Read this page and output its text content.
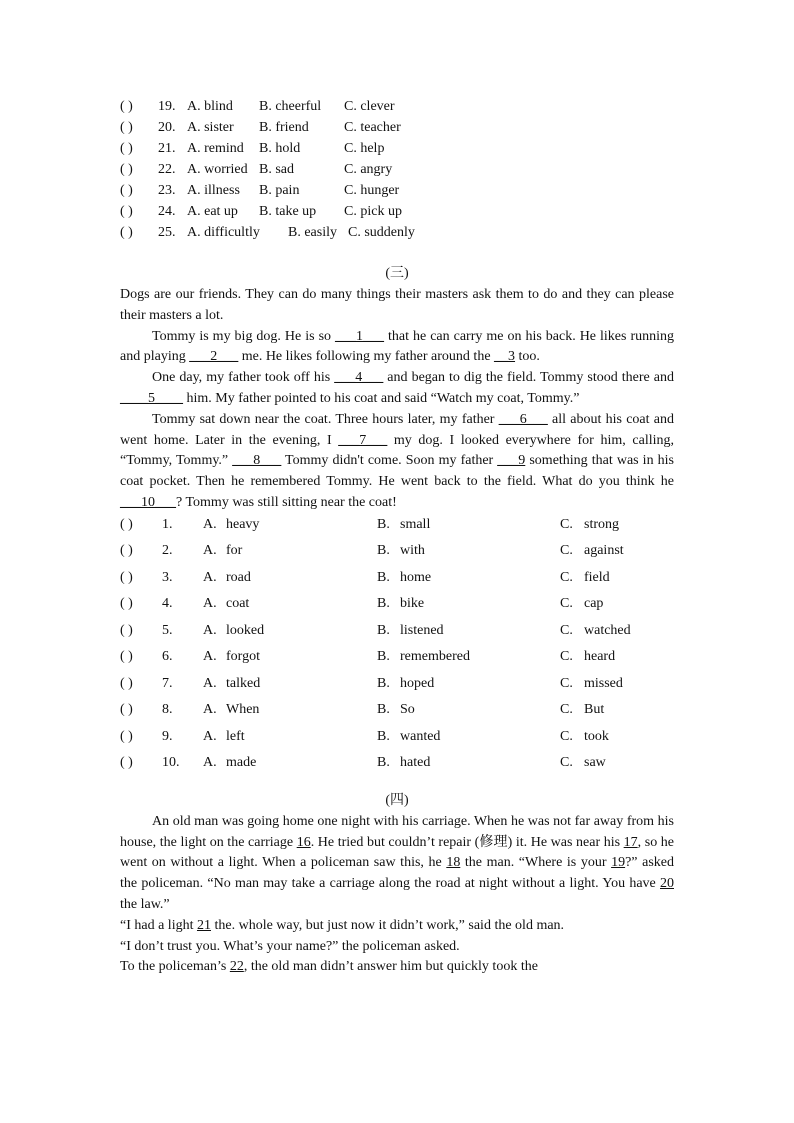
( ) 19. A. blind B. cheerful C. clever
( ) 20. A. sister B. friend	C. teacher
( ) 21. A. remind B. hold	C. help
( ) 22. A. worried B. sad	C. angry
( ) 23. A. illness B. pain	C. hunger
( ) 24. A. eat up B. take up C. pick up
( ) 25. A. difficultly B. easily C. suddenly
(三)

Dogs are our friends. They can do many things their masters ask them to do and they can please their masters a lot.

Tommy is my big dog. He is so ___1___ that he can carry me on his back. He likes running and playing ___2___ me. He likes following my father around the __3 too.

One day, my father took off his ___4___ and began to dig the field. Tommy stood there and ____5____ him. My father pointed to his coat and said “Watch my coat, Tommy.”

Tommy sat down near the coat. Three hours later, my father ___6___ all about his coat and went home. Later in the evening, I ___7___ my dog. I looked everywhere for him, calling, “Tommy, Tommy.” ___8___ Tommy didn't come. Soon my father ___9 something that was in his coat pocket. Then he remembered Tommy. He went back to the field. What do you think he ___10___? Tommy was still sitting near the coat!

( ) 1. A. heavy	B. small	C. strong
( ) 2. A. for	B. with	C. against
( ) 3. A. road	B. home	C. field
( ) 4. A. coat	B. bike	C. cap
( ) 5. A. looked	B. listened	C. watched
( ) 6. A. forgot	B. remembered	C. heard
( ) 7. A. talked	B. hoped	C. missed
( ) 8. A. When	B. So	C. But
( ) 9. A. left	B. wanted	C. took
( ) 10. A. made	B. hated	C. saw
(四)

An old man was going home one night with his carriage. When he was not far away from his house, the light on the carriage 16. He tried but couldn’t repair (修理) it. He was near his 17, so he went on without a light. When a policeman saw this, he 18 the man. “Where is your 19?” asked the policeman. “No man may take a carriage along the road at night without a light. You have 20 the law.”

“I had a light 21 the. whole way, but just now it didn’t work,” said the old man.

“I don’t trust you. What’s your name?” the policeman asked.

To the policeman’s 22, the old man didn’t answer him but quickly took the
